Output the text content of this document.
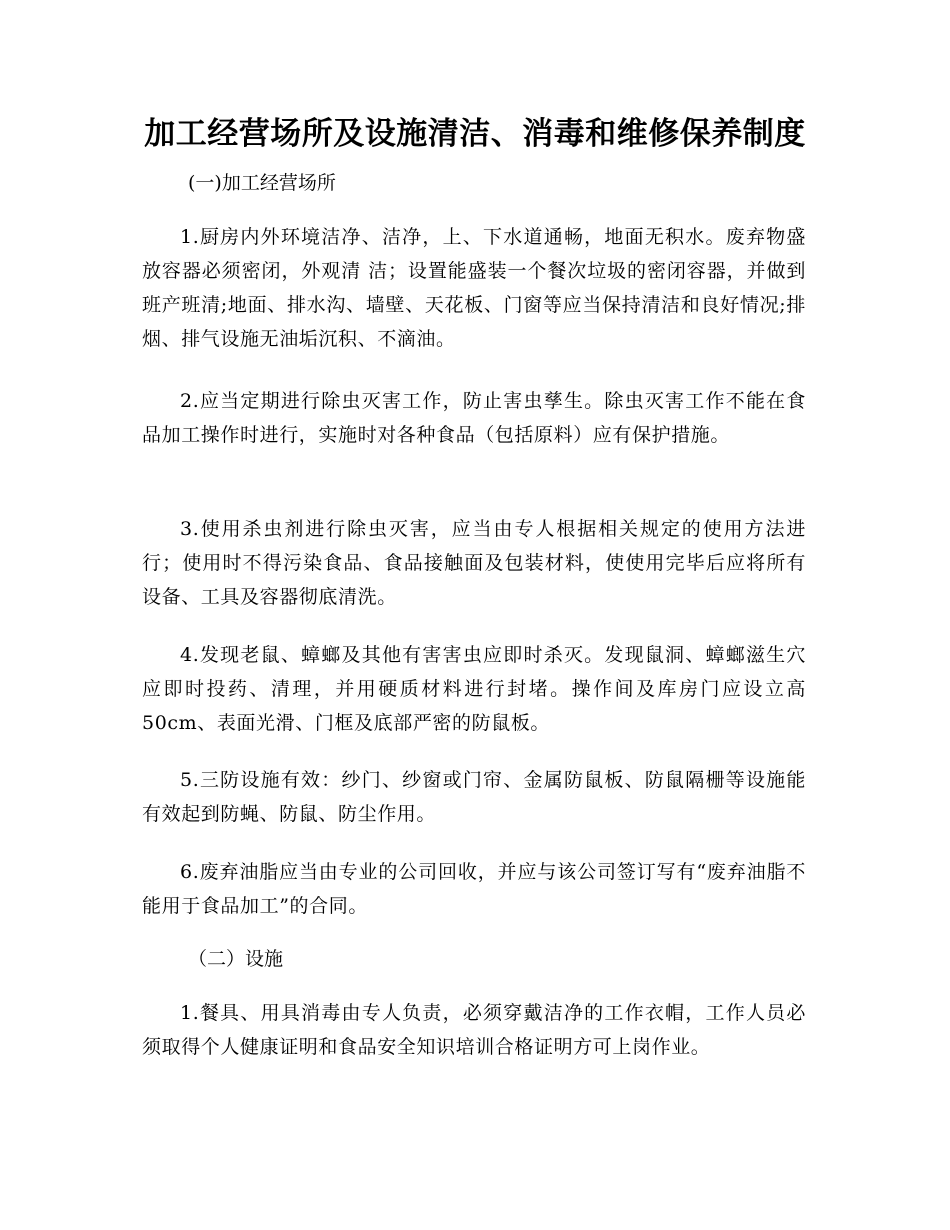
加工经营场所及设施清洁、消毒和维修保养制度
(一)加工经营场所
1.厨房内外环境洁净、洁净，上、下水道通畅，地面无积水。废弃物盛放容器必须密闭，外观清 洁；设置能盛装一个餐次垃圾的密闭容器，并做到班产班清;地面、排水沟、墙壁、天花板、门窗等应当保持清洁和良好情况;排烟、排气设施无油垢沉积、不滴油。
2.应当定期进行除虫灭害工作，防止害虫孳生。除虫灭害工作不能在食品加工操作时进行，实施时对各种食品（包括原料）应有保护措施。
3.使用杀虫剂进行除虫灭害，应当由专人根据相关规定的使用方法进行；使用时不得污染食品、食品接触面及包装材料，使使用完毕后应将所有设备、工具及容器彻底清洗。
4.发现老鼠、蟑螂及其他有害害虫应即时杀灭。发现鼠洞、蟑螂滋生穴应即时投药、清理，并用硬质材料进行封堵。操作间及库房门应设立高50cm、表面光滑、门框及底部严密的防鼠板。
5.三防设施有效：纱门、纱窗或门帘、金属防鼠板、防鼠隔栅等设施能有效起到防蝇、防鼠、防尘作用。
6.废弃油脂应当由专业的公司回收，并应与该公司签订写有“废弃油脂不能用于食品加工”的合同。
（二）设施
1.餐具、用具消毒由专人负责，必须穿戴洁净的工作衣帽，工作人员必须取得个人健康证明和食品安全知识培训合格证明方可上岗作业。
